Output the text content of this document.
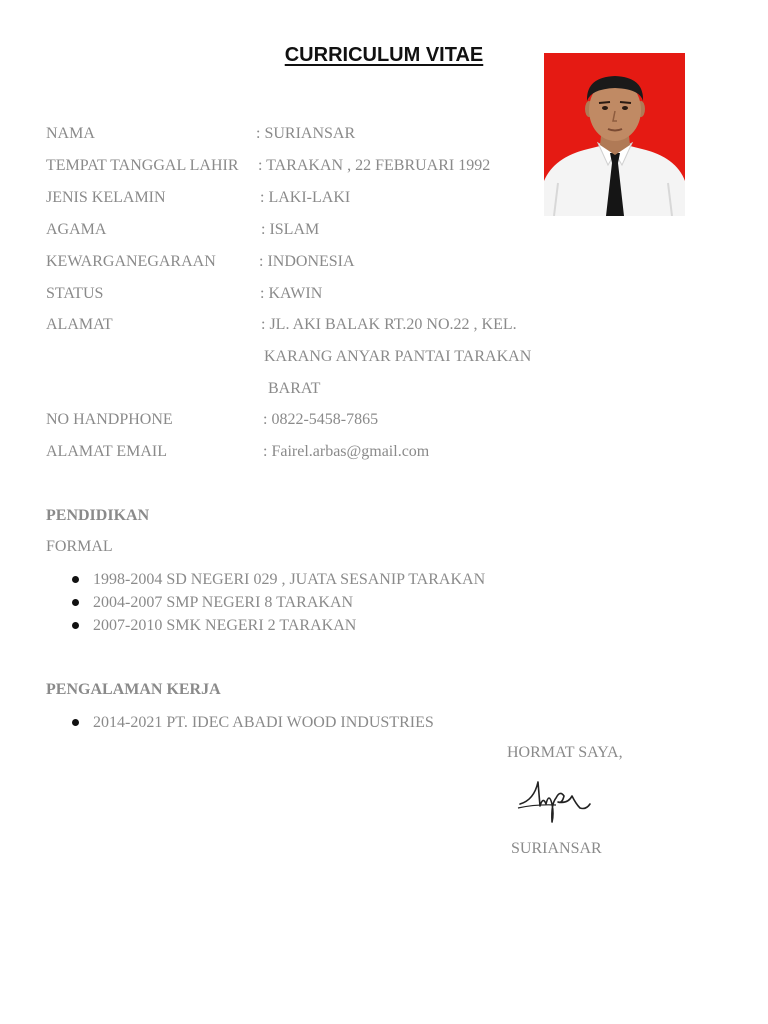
CURRICULUM VITAE
NAMA	: SURIANSAR
TEMPAT TANGGAL LAHIR : TARAKAN , 22 FEBRUARI 1992
JENIS KELAMIN	: LAKI-LAKI
AGAMA	: ISLAM
KEWARGANEGARAAN	: INDONESIA
STATUS	: KAWIN
ALAMAT	: JL. AKI BALAK RT.20 NO.22 , KEL.
KARANG ANYAR PANTAI TARAKAN
BARAT
NO HANDPHONE	: 0822-5458-7865
ALAMAT EMAIL	: Fairel.arbas@gmail.com
PENDIDIKAN
FORMAL
1998-2004 SD NEGERI 029 , JUATA SESANIP TARAKAN
2004-2007 SMP NEGERI 8 TARAKAN
2007-2010 SMK NEGERI 2 TARAKAN
PENGALAMAN KERJA
2014-2021 PT. IDEC ABADI WOOD INDUSTRIES
HORMAT SAYA,
SURIANSAR
